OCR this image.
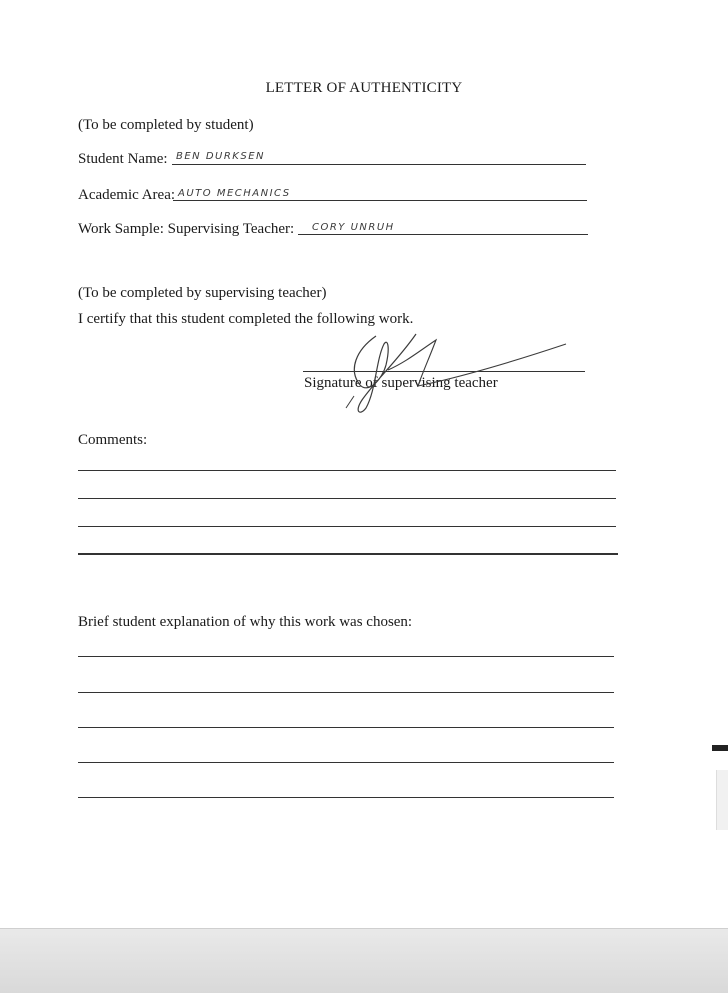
LETTER OF AUTHENTICITY
(To be completed by student)
Student Name: BEN DURKSEN
Academic Area: AUTO MECHANICS
Work Sample: Supervising Teacher: CORY UNRUH
(To be completed by supervising teacher)
I certify that this student completed the following work.
Signature of supervising teacher
Comments:
Brief student explanation of why this work was chosen:
